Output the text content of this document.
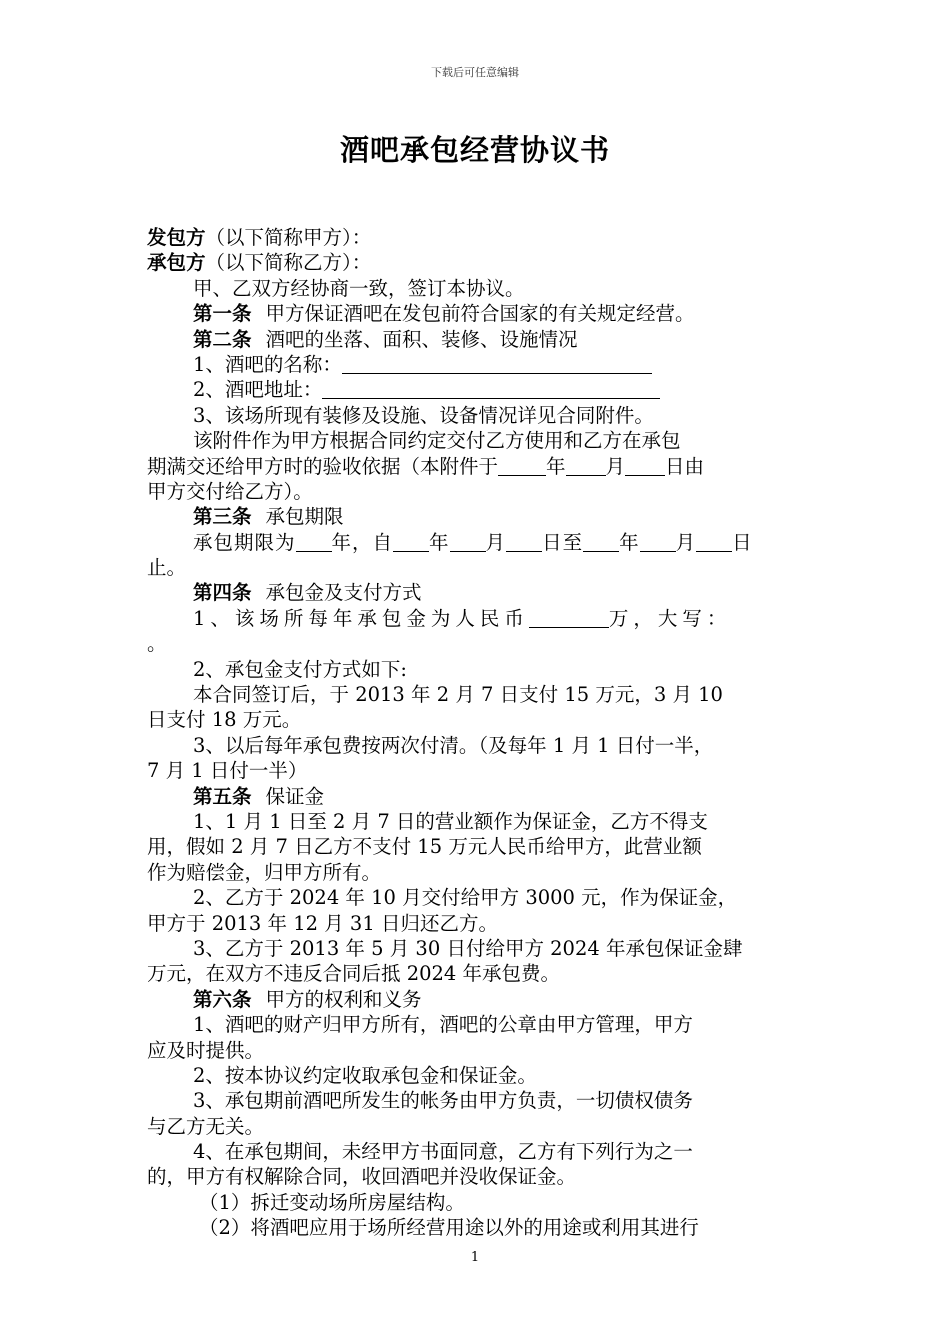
下载后可任意编辑
酒吧承包经营协议书
发包方（以下简称甲方）：
承包方（以下简称乙方）：
甲、乙双方经协商一致，签订本协议。
第一条 甲方保证酒吧在发包前符合国家的有关规定经营。
第二条 酒吧的坐落、面积、装修、设施情况
1、酒吧的名称：
2、酒吧地址：
3、该场所现有装修及设施、设备情况详见合同附件。
该附件作为甲方根据合同约定交付乙方使用和乙方在承包
期满交还给甲方时的验收依据（本附件于 年 月 日由
甲方交付给乙方）。
第三条 承包期限
承包期限为 年，自 年 月 日至 年 月 日
止。
第四条 承包金及支付方式
1、该场所每年承包金为人民币	万，大写：
。
2、承包金支付方式如下:
本合同签订后，于 2013 年 2 月 7 日支付 15 万元，3 月 10
日支付 18 万元。
3、以后每年承包费按两次付清。（及每年 1 月 1 日付一半，
7 月 1 日付一半）
第五条 保证金
1、1 月 1 日至 2 月 7 日的营业额作为保证金，乙方不得支
用，假如 2 月 7 日乙方不支付 15 万元人民币给甲方，此营业额
作为赔偿金，归甲方所有。
2、乙方于 2024 年 10 月交付给甲方 3000 元，作为保证金，
甲方于 2013 年 12 月 31 日归还乙方。
3、乙方于 2013 年 5 月 30 日付给甲方 2024 年承包保证金肆
万元，在双方不违反合同后抵 2024 年承包费。
第六条 甲方的权利和义务
1、酒吧的财产归甲方所有，酒吧的公章由甲方管理，甲方
应及时提供。
2、按本协议约定收取承包金和保证金。
3、承包期前酒吧所发生的帐务由甲方负责，一切债权债务
与乙方无关。
4、在承包期间，未经甲方书面同意，乙方有下列行为之一
的，甲方有权解除合同，收回酒吧并没收保证金。
（1）拆迁变动场所房屋结构。
（2）将酒吧应用于场所经营用途以外的用途或利用其进行
1
